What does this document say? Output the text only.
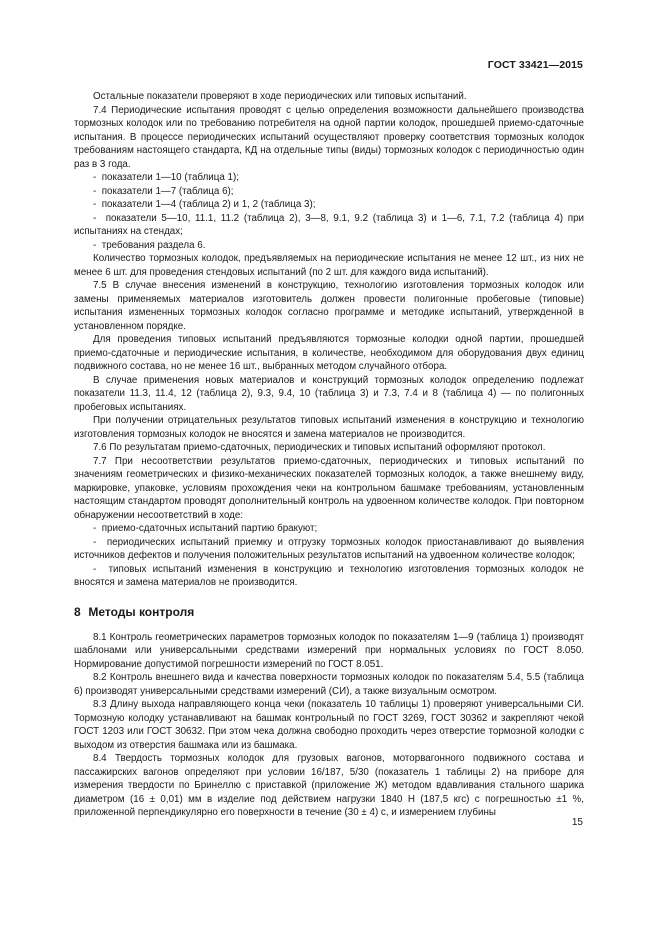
ГОСТ 33421—2015

Остальные показатели проверяют в ходе периодических или типовых испытаний.

7.4 Периодические испытания проводят с целью определения возможности дальнейшего производства тормозных колодок или по требованию потребителя на одной партии колодок, прошедшей приемо-сдаточные испытания. В процессе периодических испытаний осуществляют проверку соответствия тормозных колодок требованиям настоящего стандарта, КД на отдельные типы (виды) тормозных колодок с периодичностью один раз в 3 года.

-  показатели 1—10 (таблица 1);

-  показатели 1—7 (таблица 6);

-  показатели 1—4 (таблица 2) и 1, 2 (таблица 3);

-  показатели 5—10, 11.1, 11.2 (таблица 2), 3—8, 9.1, 9.2 (таблица 3) и 1—6, 7.1, 7.2 (таблица 4) при испытаниях на стендах;

-  требования раздела 6.

Количество тормозных колодок, предъявляемых на периодические испытания не менее 12 шт., из них не менее 6 шт. для проведения стендовых испытаний (по 2 шт. для каждого вида испытаний).

7.5 В случае внесения изменений в конструкцию, технологию изготовления тормозных колодок или замены применяемых материалов изготовитель должен провести полигонные пробеговые (типовые) испытания измененных тормозных колодок согласно программе и методике испытаний, утвержденной в установленном порядке.

Для проведения типовых испытаний предъявляются тормозные колодки одной партии, прошедшей приемо-сдаточные и периодические испытания, в количестве, необходимом для оборудования двух единиц подвижного состава, но не менее 16 шт., выбранных методом случайного отбора.

В случае применения новых материалов и конструкций тормозных колодок определению подлежат показатели 11.3, 11.4, 12 (таблица 2), 9.3, 9.4, 10 (таблица 3) и 7.3, 7.4 и 8 (таблица 4) — по полигонных пробеговых испытаниях.

При получении отрицательных результатов типовых испытаний изменения в конструкцию и технологию изготовления тормозных колодок не вносятся и замена материалов не производится.

7.6 По результатам приемо-сдаточных, периодических и типовых испытаний оформляют протокол.

7.7 При несоответствии результатов приемо-сдаточных, периодических и типовых испытаний по значениям геометрических и физико-механических показателей тормозных колодок, а также внешнему виду, маркировке, упаковке, условиям прохождения чеки на контрольном башмаке требованиям, установленным настоящим стандартом проводят дополнительный контроль на удвоенном количестве колодок. При повторном обнаружении несоответствий в ходе:

-  приемо-сдаточных испытаний партию бракуют;

-  периодических испытаний приемку и отгрузку тормозных колодок приостанавливают до выявления источников дефектов и получения положительных результатов испытаний на удвоенном количестве колодок;

-  типовых испытаний изменения в конструкцию и технологию изготовления тормозных колодок не вносятся и замена материалов не производится.

8 Методы контроля

8.1 Контроль геометрических параметров тормозных колодок по показателям 1—9 (таблица 1) производят шаблонами или универсальными средствами измерений при нормальных условиях по ГОСТ 8.050. Нормирование допустимой погрешности измерений по ГОСТ 8.051.

8.2 Контроль внешнего вида и качества поверхности тормозных колодок по показателям 5.4, 5.5 (таблица 6) производят универсальными средствами измерений (СИ), а также визуальным осмотром.

8.3 Длину выхода направляющего конца чеки (показатель 10 таблицы 1) проверяют универсальными СИ. Тормозную колодку устанавливают на башмак контрольный по ГОСТ 3269, ГОСТ 30362 и закрепляют чекой ГОСТ 1203 или ГОСТ 30632. При этом чека должна свободно проходить через отверстие тормозной колодки с выходом из отверстия башмака или из башмака.

8.4 Твердость тормозных колодок для грузовых вагонов, моторвагонного подвижного состава и пассажирских вагонов определяют при условии 16/187, 5/30 (показатель 1 таблицы 2) на приборе для измерения твердости по Бринеллю с приставкой (приложение Ж) методом вдавливания стального шарика диаметром (16 ± 0,01) мм в изделие под действием нагрузки 1840 Н (187,5 кгс) с погрешностью ±1 %, приложенной перпендикулярно его поверхности в течение (30 ± 4) с, и измерением глубины

15
